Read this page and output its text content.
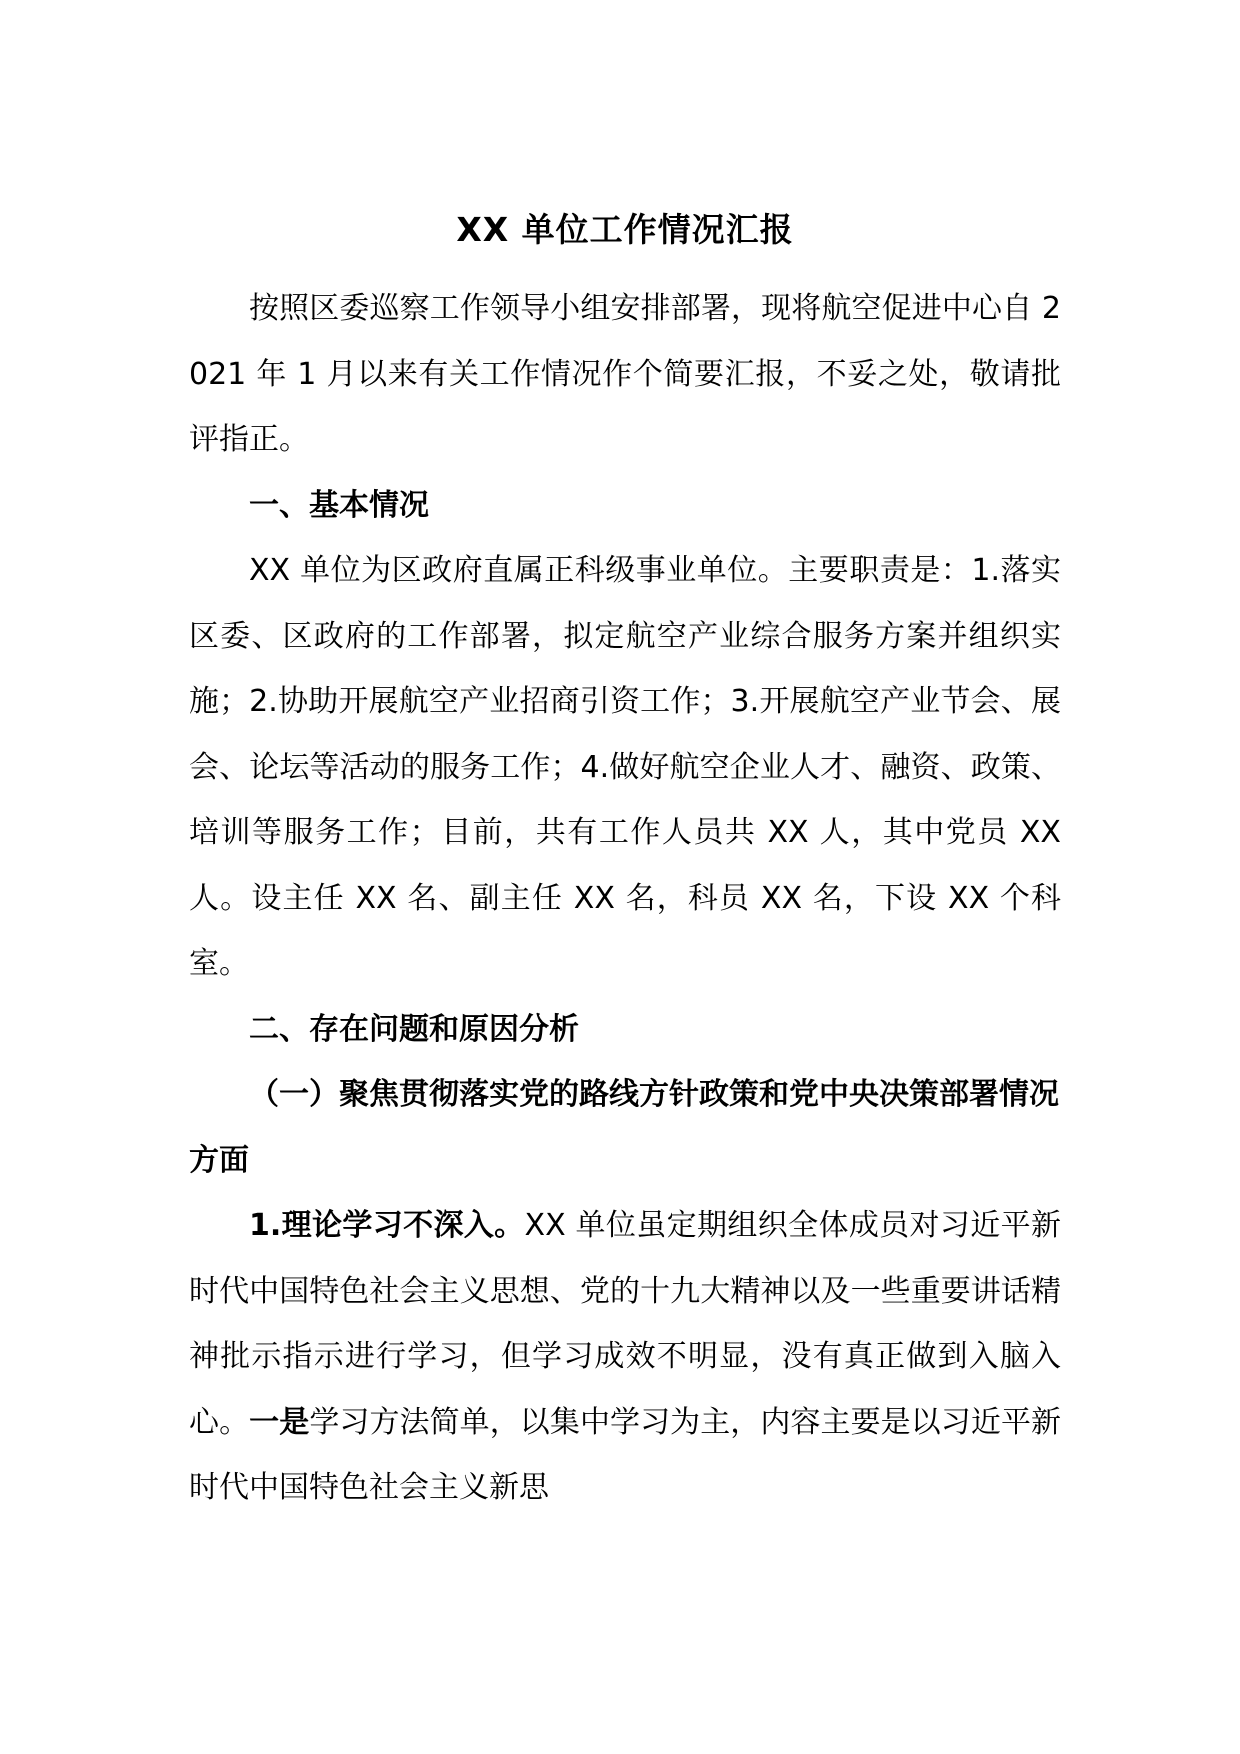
XX 单位工作情况汇报

按照区委巡察工作领导小组安排部署，现将航空促进中心自 2021 年 1 月以来有关工作情况作个简要汇报，不妥之处，敬请批评指正。

一、基本情况

XX 单位为区政府直属正科级事业单位。主要职责是：1.落实区委、区政府的工作部署，拟定航空产业综合服务方案并组织实施；2.协助开展航空产业招商引资工作；3.开展航空产业节会、展会、论坛等活动的服务工作；4.做好航空企业人才、融资、政策、培训等服务工作；目前，共有工作人员共 XX 人，其中党员 XX 人。设主任 XX 名、副主任 XX 名，科员 XX 名，下设 XX 个科室。

二、存在问题和原因分析

（一）聚焦贯彻落实党的路线方针政策和党中央决策部署情况方面

1.理论学习不深入。XX 单位虽定期组织全体成员对习近平新时代中国特色社会主义思想、党的十九大精神以及一些重要讲话精神批示指示进行学习，但学习成效不明显，没有真正做到入脑入心。一是学习方法简单，以集中学习为主，内容主要是以习近平新时代中国特色社会主义新思
